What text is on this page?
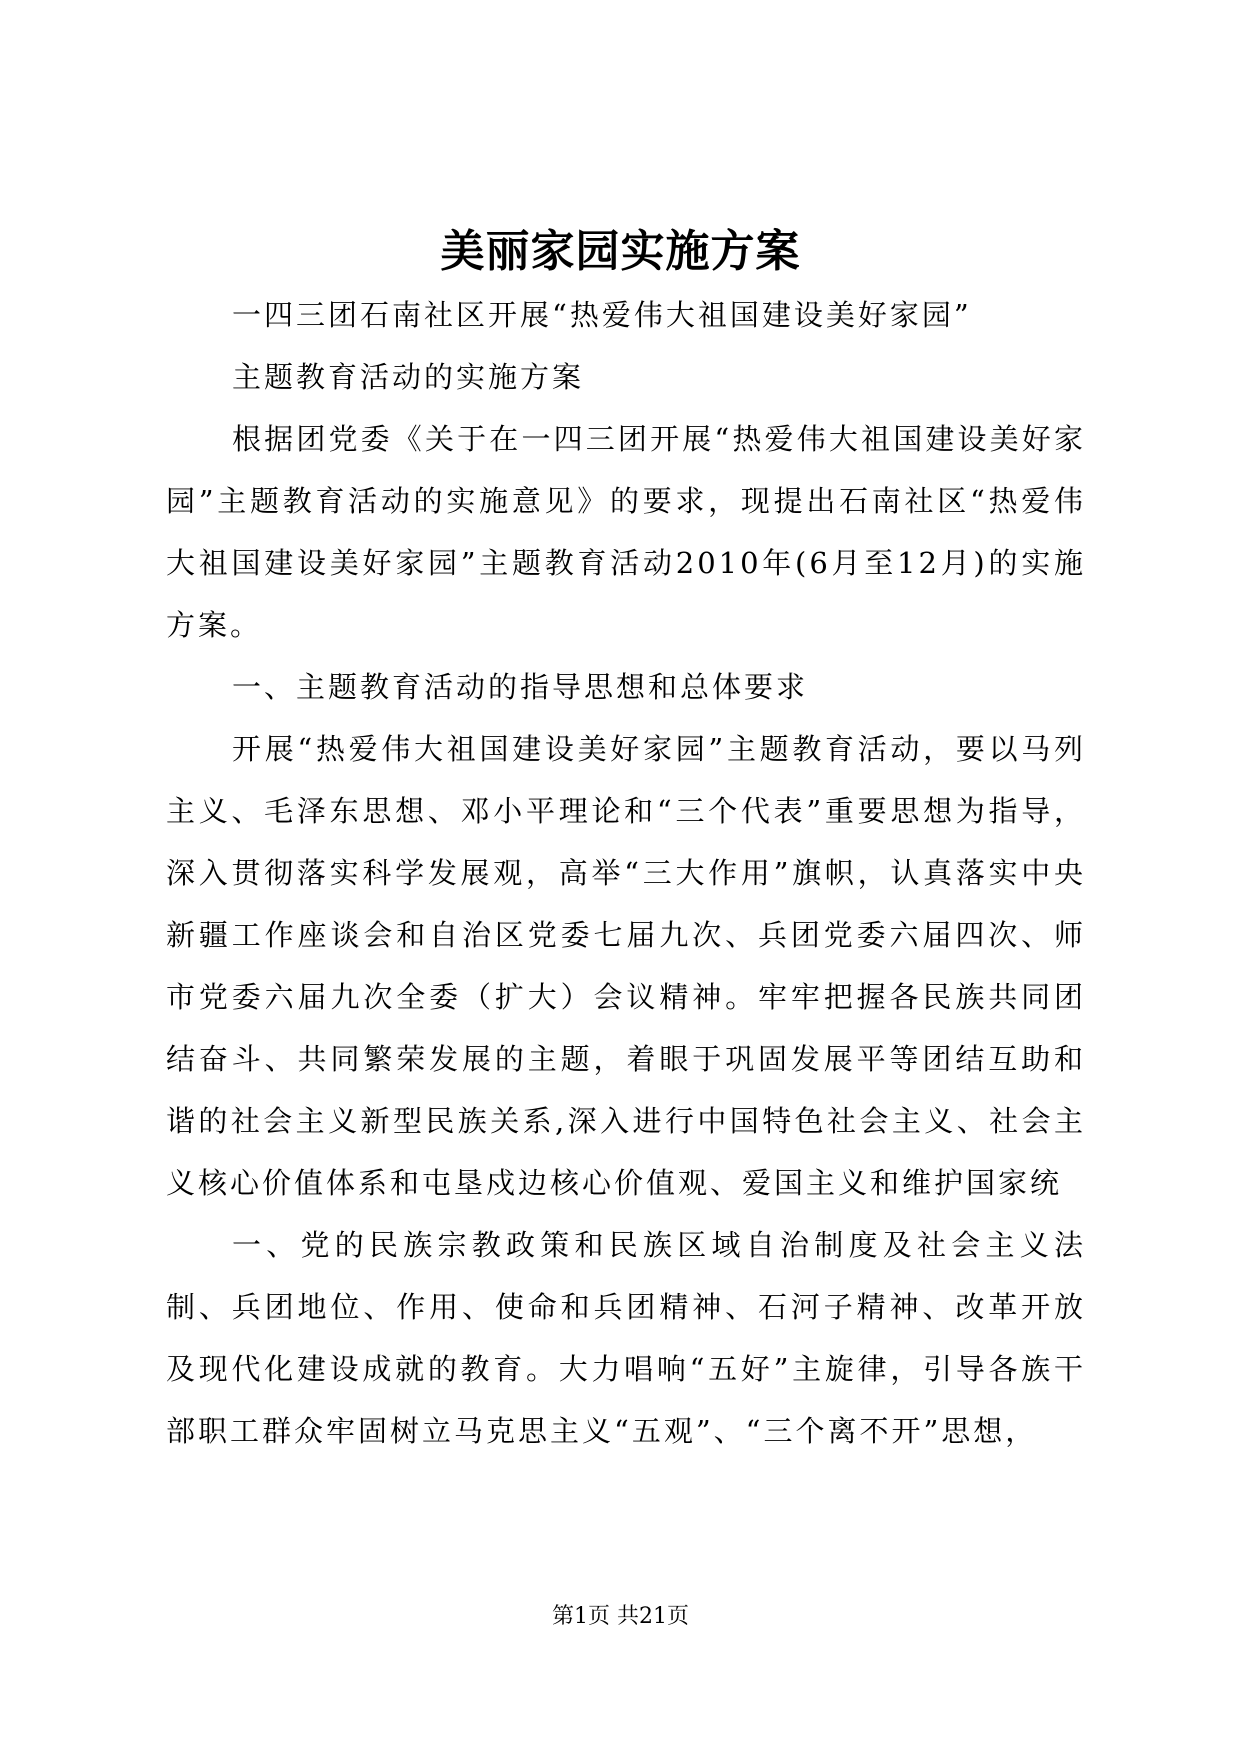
美丽家园实施方案

一四三团石南社区开展“热爱伟大祖国建设美好家园”

主题教育活动的实施方案

根据团党委《关于在一四三团开展“热爱伟大祖国建设美好家园”主题教育活动的实施意见》的要求，现提出石南社区“热爱伟大祖国建设美好家园”主题教育活动2010年(6月至12月)的实施方案。

一、主题教育活动的指导思想和总体要求

开展“热爱伟大祖国建设美好家园”主题教育活动，要以马列主义、毛泽东思想、邓小平理论和“三个代表”重要思想为指导，深入贯彻落实科学发展观，高举“三大作用”旗帜，认真落实中央新疆工作座谈会和自治区党委七届九次、兵团党委六届四次、师市党委六届九次全委（扩大）会议精神。牢牢把握各民族共同团结奋斗、共同繁荣发展的主题，着眼于巩固发展平等团结互助和谐的社会主义新型民族关系,深入进行中国特色社会主义、社会主义核心价值体系和屯垦戍边核心价值观、爱国主义和维护国家统

一、党的民族宗教政策和民族区域自治制度及社会主义法制、兵团地位、作用、使命和兵团精神、石河子精神、改革开放及现代化建设成就的教育。大力唱响“五好”主旋律，引导各族干部职工群众牢固树立马克思主义“五观”、“三个离不开”思想，

第1页 共21页
